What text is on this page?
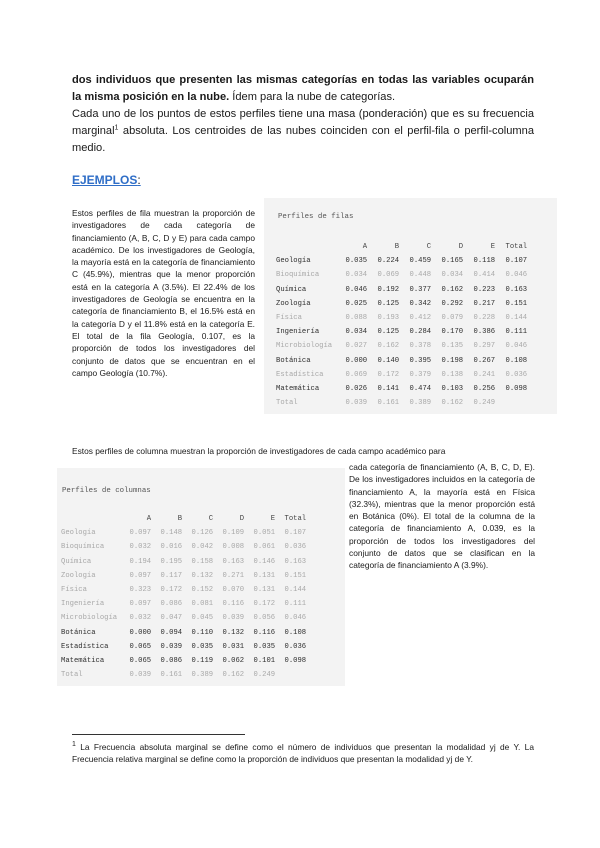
dos individuos que presenten las mismas categorías en todas las variables ocuparán la misma posición en la nube. Ídem para la nube de categorías.

Cada uno de los puntos de estos perfiles tiene una masa (ponderación) que es su frecuencia marginal$^1$ absoluta. Los centroides de las nubes coinciden con el perfil-fila o perfil-columna medio.

EJEMPLOS:

Estos perfiles de fila muestran la proporción de investigadores de cada categoría de financiamiento (A, B, C, D y E) para cada campo académico. De los investigadores de Geología, la mayoría está en la categoría de financiamiento C (45.9%), mientras que la menor proporción está en la categoría A (3.5%). El 22.4% de los investigadores de Geología se encuentra en la categoría de financiamiento B, el 16.5% está en la categoría D y el 11.8% está en la categoría E. El total de la fila Geología, 0.107, es la proporción de todos los investigadores del conjunto de datos que se encuentran en el campo Geología (10.7%).

Perfiles de filas
	A	B	C	D	E	Total
Geología	0.035	0.224	0.459	0.165	0.118	0.107
Bioquímica	0.034	0.069	0.448	0.034	0.414	0.046
Química	0.046	0.192	0.377	0.162	0.223	0.163
Zoología	0.025	0.125	0.342	0.292	0.217	0.151
Física	0.088	0.193	0.412	0.079	0.228	0.144
Ingeniería	0.034	0.125	0.284	0.170	0.386	0.111
Microbiología	0.027	0.162	0.378	0.135	0.297	0.046
Botánica	0.000	0.140	0.395	0.198	0.267	0.108
Estadística	0.069	0.172	0.379	0.138	0.241	0.036
Matemática	0.026	0.141	0.474	0.103	0.256	0.098
Total	0.039	0.161	0.389	0.162	0.249	

Estos perfiles de columna muestran la proporción de investigadores de cada campo académico para

Perfiles de columnas
	A	B	C	D	E	Total
Geología	0.097	0.148	0.126	0.109	0.051	0.107
Bioquímica	0.032	0.016	0.042	0.008	0.061	0.036
Química	0.194	0.195	0.158	0.163	0.146	0.163
Zoología	0.097	0.117	0.132	0.271	0.131	0.151
Física	0.323	0.172	0.152	0.070	0.131	0.144
Ingeniería	0.097	0.086	0.081	0.116	0.172	0.111
Microbiología	0.032	0.047	0.045	0.039	0.056	0.046
Botánica	0.000	0.094	0.110	0.132	0.116	0.108
Estadística	0.065	0.039	0.035	0.031	0.035	0.036
Matemática	0.065	0.086	0.119	0.062	0.101	0.098
Total	0.039	0.161	0.389	0.162	0.249	

cada categoría de financiamiento (A, B, C, D, E). De los investigadores incluidos en la categoría de financiamiento A, la mayoría está en Física (32.3%), mientras que la menor proporción está en Botánica (0%). El total de la columna de la categoría de financiamiento A, 0.039, es la proporción de todos los investigadores del conjunto de datos que se clasifican en la categoría de financiamiento A (3.9%).

$^1$ La Frecuencia absoluta marginal se define como el número de individuos que presentan la modalidad yj de Y. La Frecuencia relativa marginal se define como la proporción de individuos que presentan la modalidad yj de Y.
